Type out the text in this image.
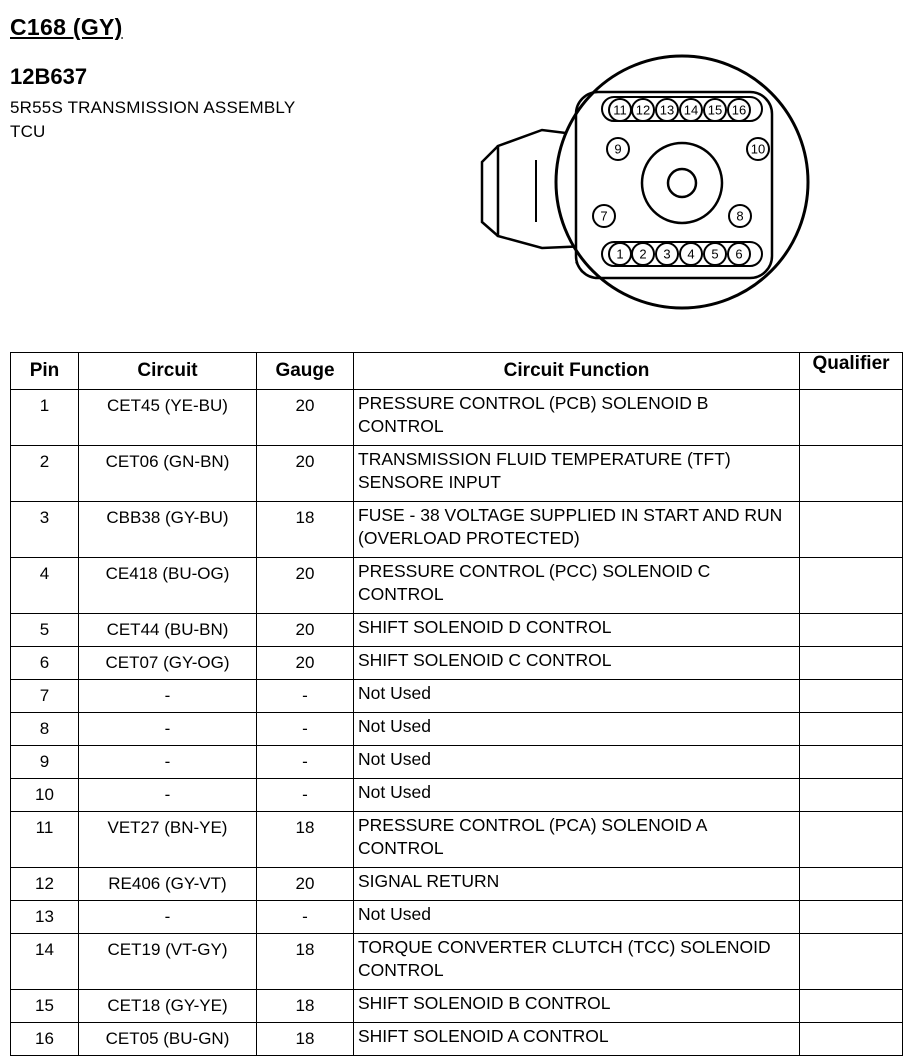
C168 (GY)
12B637
5R55S TRANSMISSION ASSEMBLY
TCU
11 12 13 14 15 16
9	10
7	8
1 2 3 4 5 6
Pin	Circuit	Gauge	Circuit Function	Qualifier
1	CET45 (YE-BU)	20	PRESSURE CONTROL (PCB) SOLENOID B CONTROL	
2	CET06 (GN-BN)	20	TRANSMISSION FLUID TEMPERATURE (TFT) SENSORE INPUT	
3	CBB38 (GY-BU)	18	FUSE - 38 VOLTAGE SUPPLIED IN START AND RUN (OVERLOAD PROTECTED)	
4	CE418 (BU-OG)	20	PRESSURE CONTROL (PCC) SOLENOID C CONTROL	
5	CET44 (BU-BN)	20	SHIFT SOLENOID D CONTROL	
6	CET07 (GY-OG)	20	SHIFT SOLENOID C CONTROL	
7	-	-	Not Used	
8	-	-	Not Used	
9	-	-	Not Used	
10	-	-	Not Used	
11	VET27 (BN-YE)	18	PRESSURE CONTROL (PCA) SOLENOID A CONTROL	
12	RE406 (GY-VT)	20	SIGNAL RETURN	
13	-	-	Not Used	
14	CET19 (VT-GY)	18	TORQUE CONVERTER CLUTCH (TCC) SOLENOID CONTROL	
15	CET18 (GY-YE)	18	SHIFT SOLENOID B CONTROL	
16	CET05 (BU-GN)	18	SHIFT SOLENOID A CONTROL	
